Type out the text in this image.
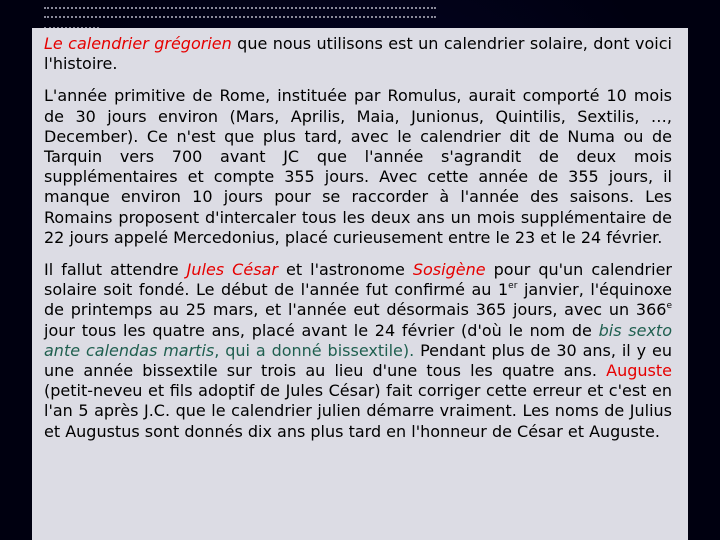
Le calendrier grégorien que nous utilisons est un calendrier solaire, dont voici l'histoire.

L'année primitive de Rome, instituée par Romulus, aurait comporté 10 mois de 30 jours environ (Mars, Aprilis, Maia, Junionus, Quintilis, Sextilis, …, December). Ce n'est que plus tard, avec le calendrier dit de Numa ou de Tarquin vers 700 avant JC que l'année s'agrandit de deux mois supplémentaires et compte 355 jours. Avec cette année de 355 jours, il manque environ 10 jours pour se raccorder à l'année des saisons. Les Romains proposent d'intercaler tous les deux ans un mois supplémentaire de 22 jours appelé Mercedonius, placé curieusement entre le 23 et le 24 février.

Il fallut attendre Jules César et l'astronome Sosigène pour qu'un calendrier solaire soit fondé. Le début de l'année fut confirmé au 1er janvier, l'équinoxe de printemps au 25 mars, et l'année eut désormais 365 jours, avec un 366e jour tous les quatre ans, placé avant le 24 février (d'où le nom de bis sexto ante calendas martis, qui a donné bissextile). Pendant plus de 30 ans, il y eu une année bissextile sur trois au lieu d'une tous les quatre ans. Auguste (petit-neveu et fils adoptif de Jules César) fait corriger cette erreur et c'est en l'an 5 après J.C. que le calendrier julien démarre vraiment. Les noms de Julius et Augustus sont donnés dix ans plus tard en l'honneur de César et Auguste.
